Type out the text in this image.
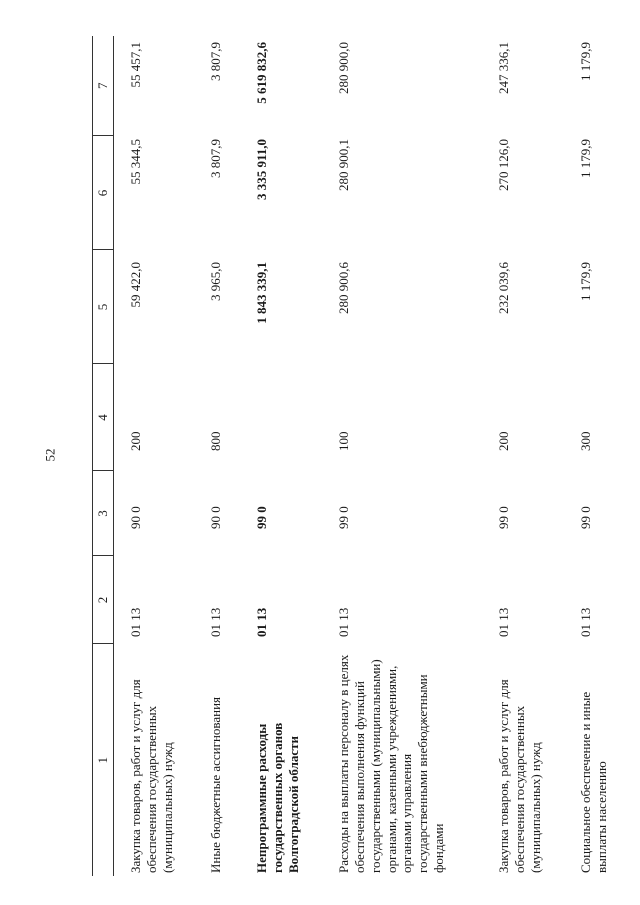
52
1	2	3	4	5	6	7

Закупка товаров, работ и услуг для обеспечения государственных (муниципальных) нужд	01 13	90 0	200	59 422,0	55 344,5	55 457,1
Иные бюджетные ассигнования	01 13	90 0	800	3 965,0	3 807,9	3 807,9
Непрограммные расходы государственных органов Волгоградской области	01 13	99 0		1 843 339,1	3 335 911,0	5 619 832,6
Расходы на выплаты персоналу в целях обеспечения выполнения функций государственными (муниципальными) органами, казенными учреждениями, органами управления государственными внебюджетными фондами	01 13	99 0	100	280 900,6	280 900,1	280 900,0
Закупка товаров, работ и услуг для обеспечения государственных (муниципальных) нужд	01 13	99 0	200	232 039,6	270 126,0	247 336,1
Социальное обеспечение и иные выплаты населению	01 13	99 0	300	1 179,9	1 179,9	1 179,9
